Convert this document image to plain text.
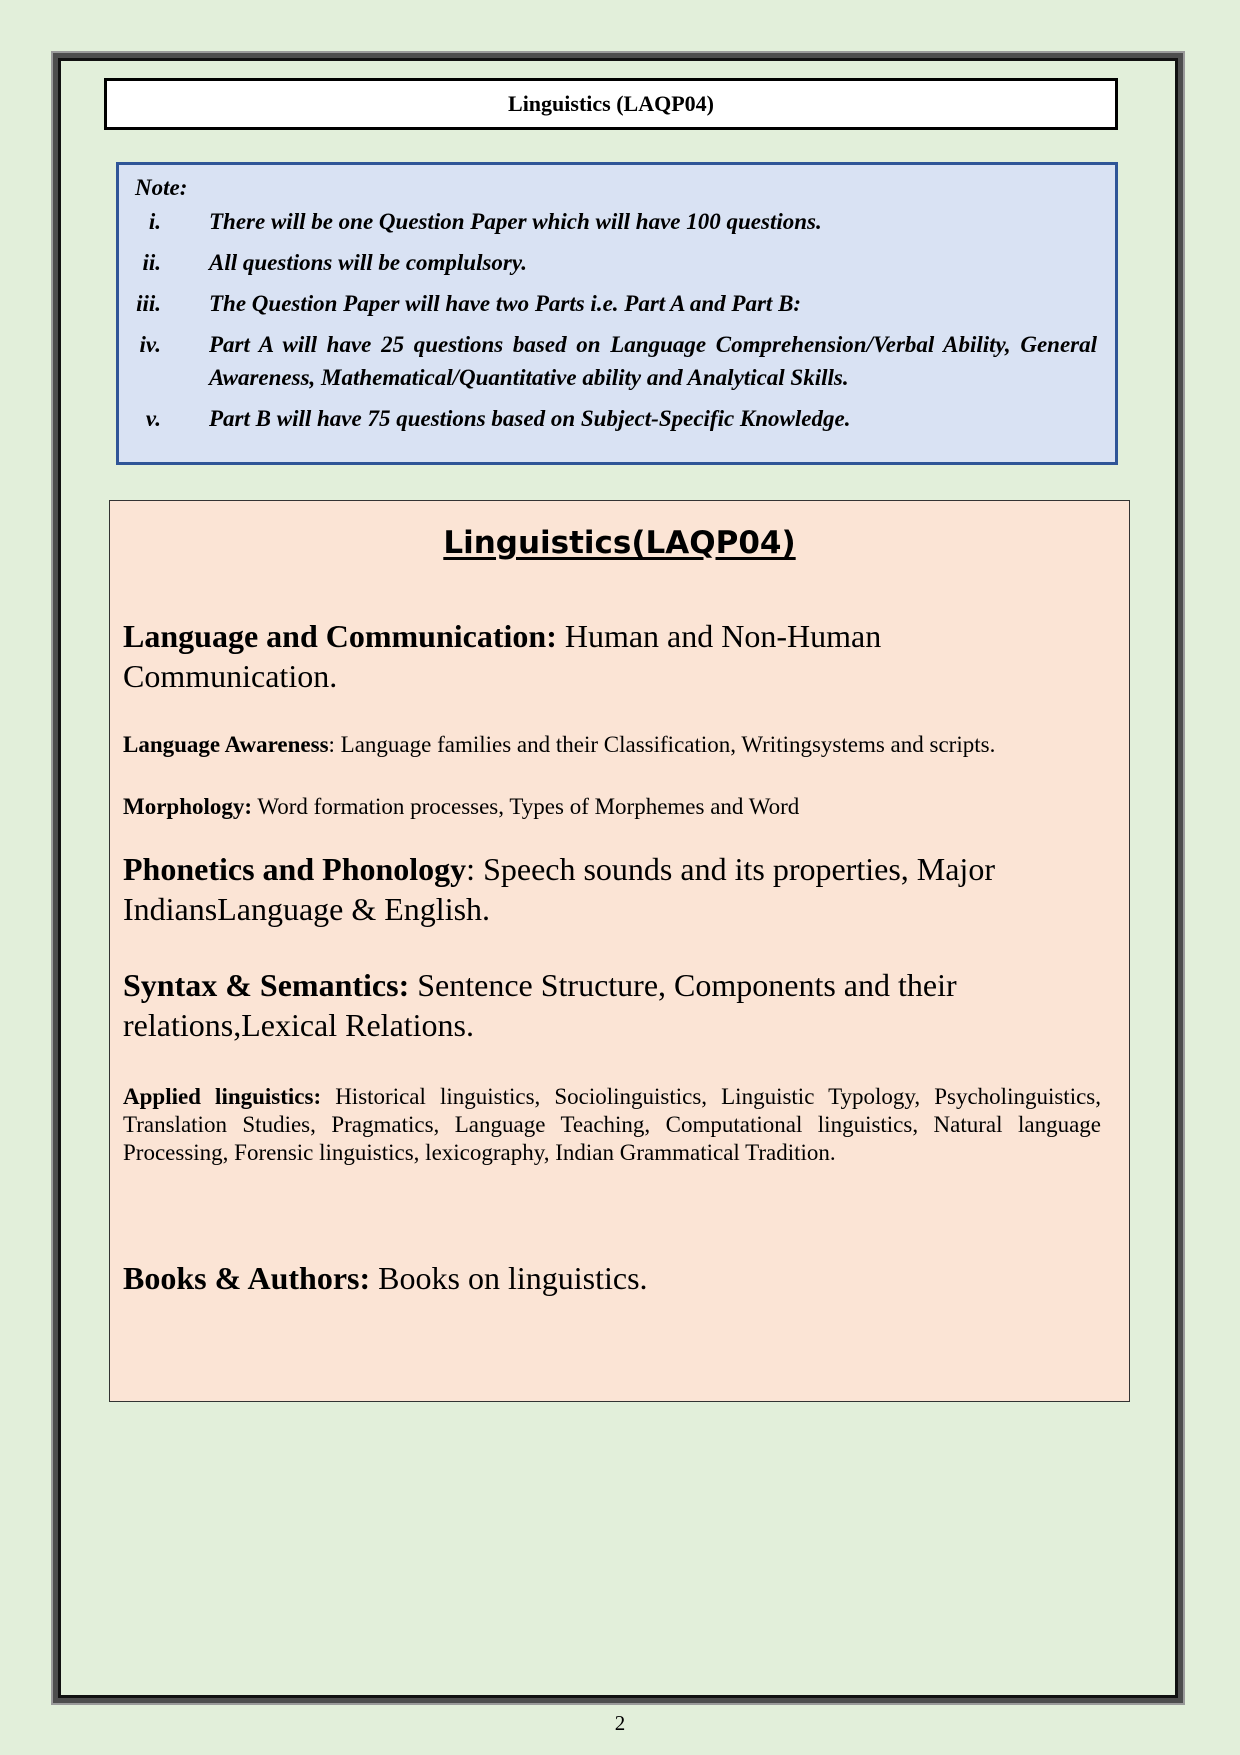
Linguistics (LAQP04)
Note:
i. There will be one Question Paper which will have 100 questions.
ii. All questions will be complulsory.
iii. The Question Paper will have two Parts i.e. Part A and Part B:
iv. Part A will have 25 questions based on Language Comprehension/Verbal Ability, General Awareness, Mathematical/Quantitative ability and Analytical Skills.
v. Part B will have 75 questions based on Subject-Specific Knowledge.
Linguistics(LAQP04)
Language and Communication: Human and Non-Human Communication.
Language Awareness: Language families and their Classification, Writingsystems and scripts.
Morphology: Word formation processes, Types of Morphemes and Word
Phonetics and Phonology: Speech sounds and its properties, Major IndiansLanguage & English.
Syntax & Semantics: Sentence Structure, Components and their relations,Lexical Relations.
Applied linguistics: Historical linguistics, Sociolinguistics, Linguistic Typology, Psycholinguistics, Translation Studies, Pragmatics, Language Teaching, Computational linguistics, Natural language Processing, Forensic linguistics, lexicography, Indian Grammatical Tradition.
Books & Authors: Books on linguistics.
2
